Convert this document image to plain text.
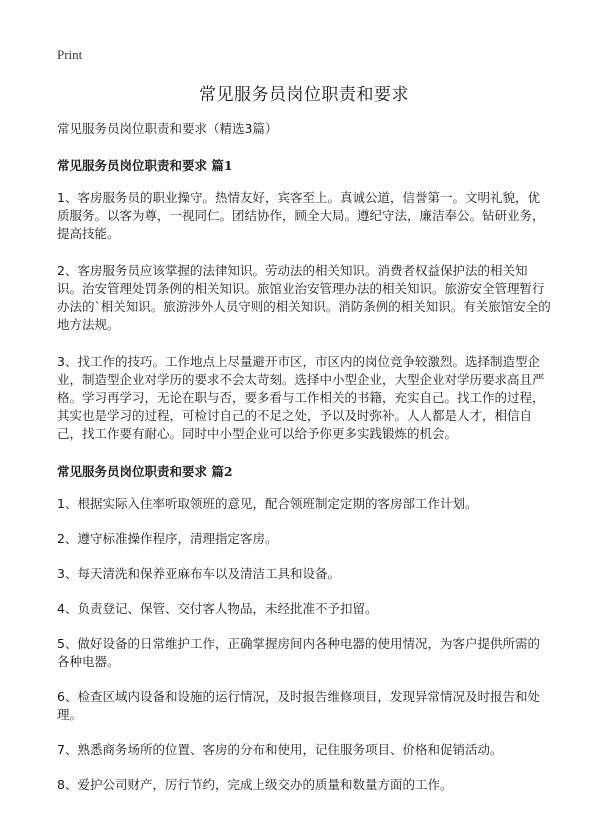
Print
常见服务员岗位职责和要求

常见服务员岗位职责和要求（精选3篇）

常见服务员岗位职责和要求 篇1

1、客房服务员的职业操守。热情友好，宾客至上。真诚公道，信誉第一。文明礼貌，优质服务。以客为尊，一视同仁。团结协作，顾全大局。遵纪守法，廉洁奉公。钻研业务，提高技能。

2、客房服务员应该掌握的法律知识。劳动法的相关知识。消费者权益保护法的相关知识。治安管理处罚条例的相关知识。旅馆业治安管理办法的相关知识。旅游安全管理暂行办法的`相关知识。旅游涉外人员守则的相关知识。消防条例的相关知识。有关旅馆安全的地方法规。

3、找工作的技巧。工作地点上尽量避开市区，市区内的岗位竞争较激烈。选择制造型企业，制造型企业对学历的要求不会太苛刻。选择中小型企业，大型企业对学历要求高且严格。学习再学习，无论在职与否，要多看与工作相关的书籍，充实自己。找工作的过程，其实也是学习的过程，可检讨自己的不足之处，予以及时弥补。人人都是人才，相信自己，找工作要有耐心。同时中小型企业可以给予你更多实践锻炼的机会。

常见服务员岗位职责和要求 篇2

1、根据实际入住率听取领班的意见，配合领班制定定期的客房部工作计划。

2、遵守标准操作程序，清理指定客房。

3、每天清洗和保养亚麻布车以及清洁工具和设备。

4、负责登记、保管、交付客人物品，未经批准不予扣留。

5、做好设备的日常维护工作，正确掌握房间内各种电器的使用情况，为客户提供所需的各种电器。

6、检查区域内设备和设施的运行情况，及时报告维修项目，发现异常情况及时报告和处理。

7、熟悉商务场所的位置、客房的分布和使用，记住服务项目、价格和促销活动。

8、爱护公司财产，厉行节约，完成上级交办的质量和数量方面的工作。
